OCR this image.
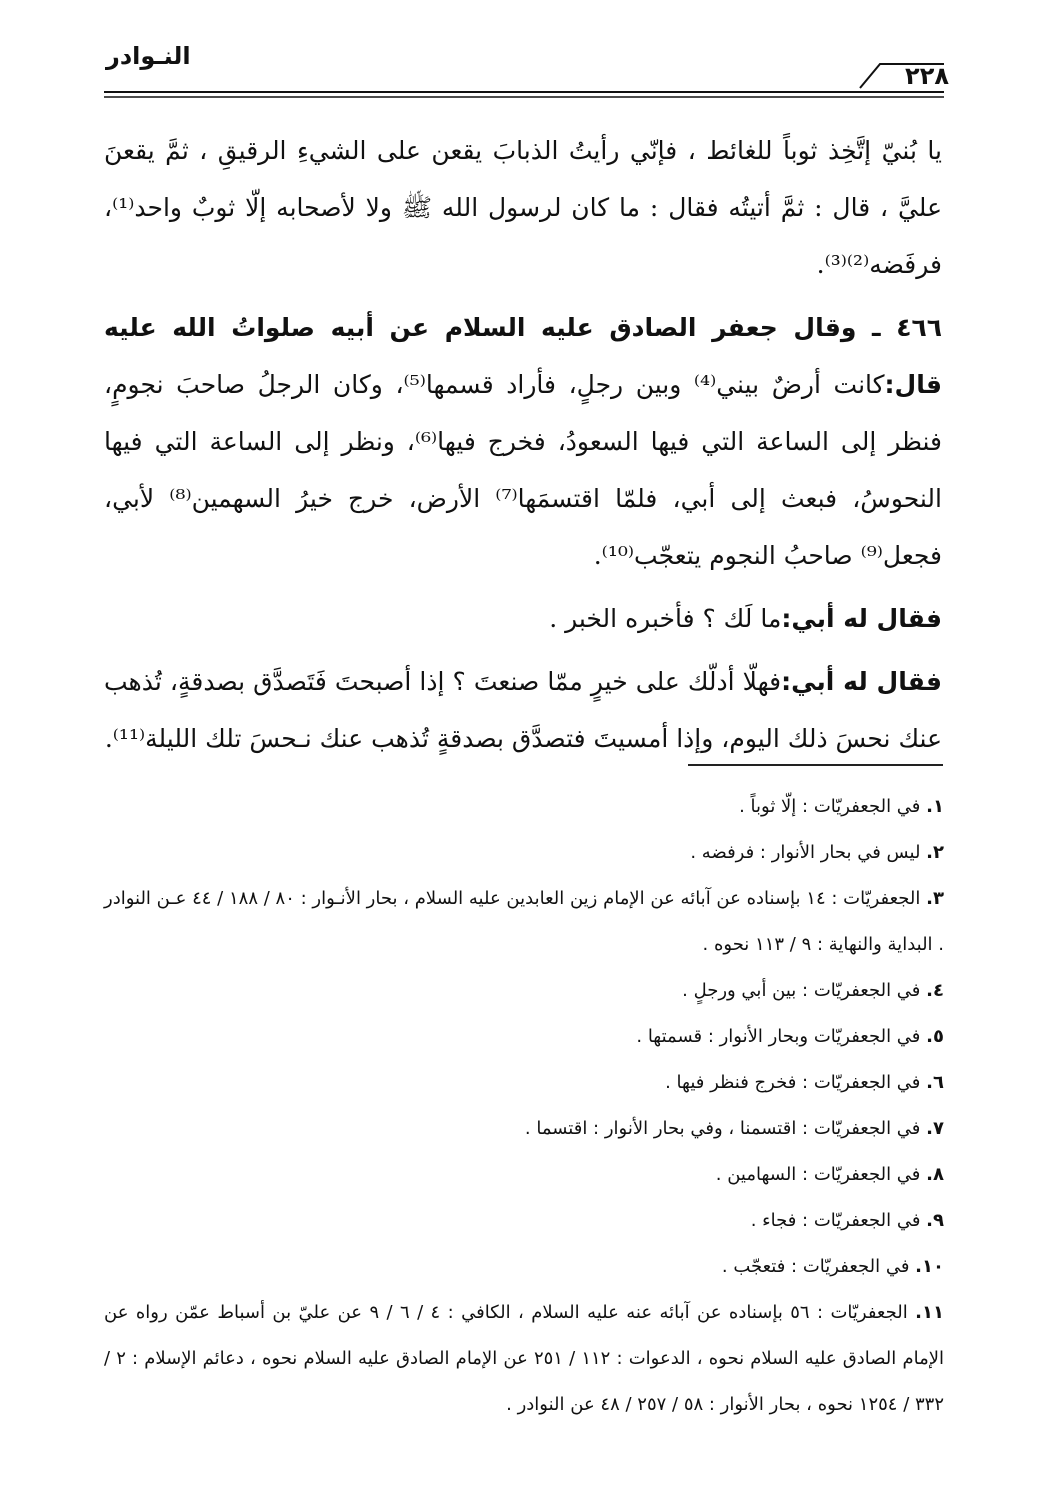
النـوادر
٢٢٨

يا بُنيّ إتَّخِذ ثوباً للغائط ، فإنّي رأيتُ الذبابَ يقعن على الشيءِ الرقيقِ ، ثمَّ يقعنَ عليَّ ، قال : ثمَّ أتيتُه فقال : ما كان لرسول الله ﷺ ولا لأصحابه إلّا ثوبٌ واحد⁽¹⁾، فرفَضه⁽²⁾⁽³⁾.

٤٦٦ ـ وقال جعفر الصادق عليه السلام عن أبيه صلواتُ الله عليه قال:كانت أرضٌ بيني⁽⁴⁾ وبين رجلٍ، فأراد قسمها⁽⁵⁾، وكان الرجلُ صاحبَ نجومٍ، فنظر إلى الساعة التي فيها السعودُ، فخرج فيها⁽⁶⁾، ونظر إلى الساعة التي فيها النحوسُ، فبعث إلى أبي، فلمّا اقتسمَها⁽⁷⁾ الأرض، خرج خيرُ السهمين⁽⁸⁾ لأبي، فجعل⁽⁹⁾ صاحبُ النجوم يتعجّب⁽¹⁰⁾.

فقال له أبي:ما لَك ؟ فأخبره الخبر .

فقال له أبي:فهلّا أدلّك على خيرٍ ممّا صنعتَ ؟ إذا أصبحتَ فَتَصدَّق بصدقةٍ، تُذهب عنك نحسَ ذلك اليوم، وإذا أمسيتَ فتصدَّق بصدقةٍ تُذهب عنك نـحسَ تلك الليلة⁽¹¹⁾.

١. في الجعفريّات : إلّا ثوباً .

٢. ليس في بحار الأنوار : فرفضه .

٣. الجعفريّات : ١٤ بإسناده عن آبائه عن الإمام زين العابدين عليه السلام ، بحار الأنـوار : ٨٠ / ١٨٨ / ٤٤ عـن النوادر . البداية والنهاية : ٩ / ١١٣ نحوه .

٤. في الجعفريّات : بين أبي ورجلٍ .

٥. في الجعفريّات وبحار الأنوار : قسمتها .

٦. في الجعفريّات : فخرج فنظر فيها .

٧. في الجعفريّات : اقتسمنا ، وفي بحار الأنوار : اقتسما .

٨. في الجعفريّات : السهامين .

٩. في الجعفريّات : فجاء .

١٠. في الجعفريّات : فتعجّب .

١١. الجعفريّات : ٥٦ بإسناده عن آبائه عنه عليه السلام ، الكافي : ٤ / ٦ / ٩ عن عليّ بن أسباط عمّن رواه عن الإمام الصادق عليه السلام نحوه ، الدعوات : ١١٢ / ٢٥١ عن الإمام الصادق عليه السلام نحوه ، دعائم الإسلام : ٢ / ٣٣٢ / ١٢٥٤ نحوه ، بحار الأنوار : ٥٨ / ٢٥٧ / ٤٨ عن النوادر .
